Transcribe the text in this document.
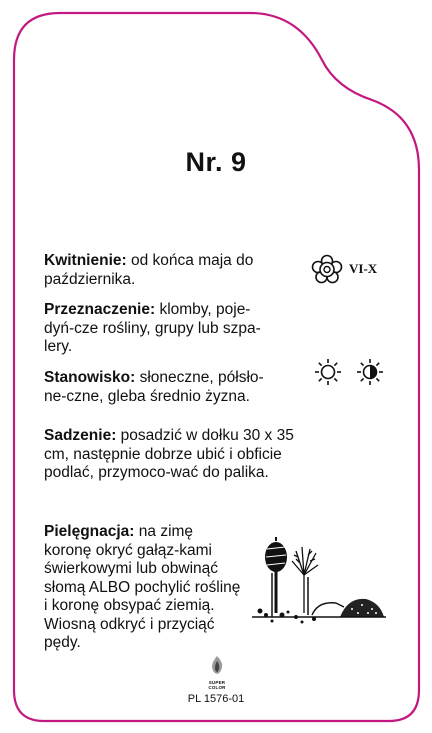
Nr. 9
Kwitnienie: od końca maja do października.
VI-X
Przeznaczenie: klomby, poje-dyń-cze rośliny, grupy lub szpa-lery.
Stanowisko: słoneczne, półsło-ne-czne, gleba średnio żyzna.
Sadzenie: posadzić w dołku 30 x 35 cm, następnie dobrze ubić i obficie podlać, przymoco-wać do palika.
Pielęgnacja: na zimę koronę okryć gałąz-kami świerkowymi lub obwinąć słomą ALBO pochylić roślinę i koronę obsypać ziemią. Wiosną odkryć i przyciąć pędy.
SUPER
COLOR
PL 1576-01
